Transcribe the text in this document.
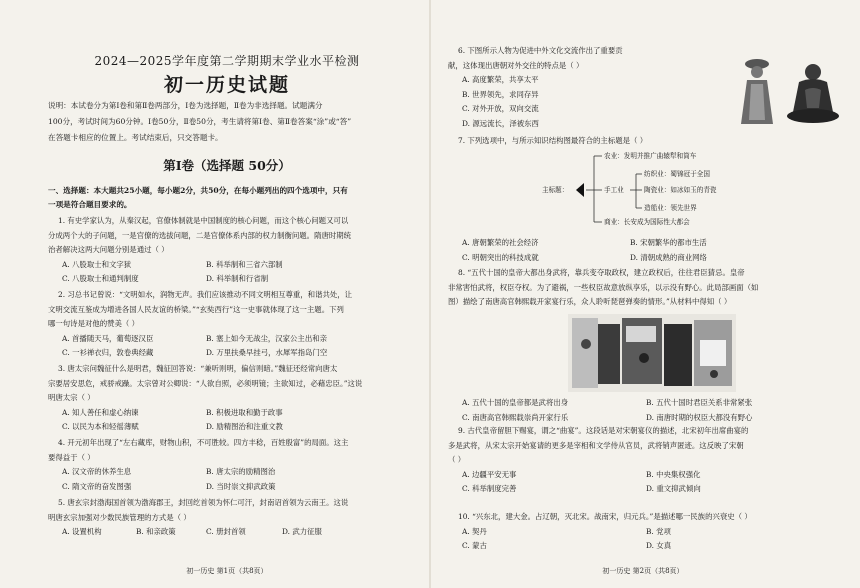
2024—2025学年度第二学期期末学业水平检测
初一历史试题
说明：本试卷分为第Ⅰ卷和第Ⅱ卷两部分，Ⅰ卷为选择题，Ⅱ卷为非选择题。试题满分
100分，考试时间为60分钟。Ⅰ卷50分，Ⅱ卷50分，考生请将第Ⅰ卷、第Ⅱ卷答案“涂”或“答”
在答题卡相应的位置上。考试结束后，只交答题卡。
第Ⅰ卷（选择题 50分）
一、选择题：本大题共25小题，每小题2分，共50分，在每小题列出的四个选项中，只有
一项是符合题目要求的。
1. 有史学家认为，从秦汉起，官僚体制就是中国制度的核心问题，而这个核心问题又可以
分成两个大的子问题，一是官僚的选拔问题，二是官僚体系内部的权力制衡问题。隋唐时期统
治者解决这两大问题分别是通过（ ）
A. 八股取士和文字狱	B. 科举制和三省六部制
C. 八股取士和通判制度	D. 科举制和行省制
2. 习总书记曾说：“文明如水，润物无声。我们应该推动不同文明相互尊重，和谐共处，让
文明交流互鉴成为增进各国人民友谊的桥梁。”“玄奘西行”这一史事就体现了这一主题。下列
哪一句诗是对他的赞美（ ）
A. 首播随天马，葡萄逐汉臣	B. 塞上如今无战尘，汉家公主出和亲
C. 一衫禅衣归，敦卷典经藏	D. 万里扶桑早挂弓，水犀军指岛门空
3. 唐太宗问魏征什么是明君，魏征回答说：“兼听则明，偏信则暗。”魏征还经常向唐太
宗要居安思危，戒骄戒躁。太宗曾对公卿说：“人欲自照，必须明镜；主欲知过，必藉忠臣。”这说
明唐太宗（ ）
A. 知人善任和虚心纳谏	B. 积极进取和勤于政事
C. 以民为本和轻徭薄赋	D. 励精图治和注重文教
4. 开元初年出现了“左右藏库，财物山积，不可胜较。四方丰稔，百姓殷富”的局面。这主
要得益于（ ）
A. 汉文帝的休养生息	B. 唐太宗的励精图治
C. 隋文帝的奋发图强	D. 当时崇文抑武政策
5. 唐玄宗封渤海国首领为渤海郡王，封回纥首领为怀仁可汗，封南诏首领为云南王。这说
明唐玄宗加强对少数民族管理的方式是（ ）
A. 设置机构	B. 和亲政策	C. 册封首领	D. 武力征服
初一历史 第1页（共8页）
6. 下图所示人物为促进中外文化交流作出了重要贡
献，这体现出唐朝对外交往的特点是（ ）
A. 高度繁荣，共享太平
B. 世界领先，求同存异
C. 对外开放，双向交流
D. 源远流长，泽被东西
7. 下列选项中，与所示知识结构图最符合的主标题是（ ）
主标题：
农业：发明并推广曲辕犁和筒车
手工业
纺织业：蜀锦冠于全国
陶瓷业：如冰如玉的青瓷
造船业：领先世界
商业：长安成为国际性大都会
A. 唐朝繁荣的社会经济	B. 宋朝繁华的都市生活
C. 明朝突出的科技成就	D. 清朝成熟的商业网络
8. “五代十国的皇帝大都出身武将，靠兵变夺取政权，建立政权后，往往君臣猜忌。皇帝
非常害怕武将，权臣夺权。为了避祸，一些权臣故意放纵享乐，以示没有野心。此局部画面（如
图）描绘了南唐高官韩熙载开家宴行乐，众人聆听琵琶弹奏的情形。”从材料中得知（ ）
A. 五代十国的皇帝都是武将出身	B. 五代十国时君臣关系非常紧张
C. 南唐高官韩熙载崇尚开家行乐	D. 南唐时期的权臣大都没有野心
9. 古代皇帝留胆下赐宴，谓之“曲宴”。这段话是对宋朝宴仪的描述，北宋初年出席曲宴的
多是武将，从宋太宗开始宴请的更多是宰相和文学侍从官员，武将销声匿迹。这反映了宋朝
（ ）
A. 边疆平安无事	B. 中央集权强化
C. 科举制度完善	D. 重文抑武倾向
10. “兴东北，建大金。占辽朝，灭北宋。战南宋，归元兵。”是描述哪一民族的兴衰史（ ）
A. 契丹	B. 党项
C. 蒙古	D. 女真
初一历史 第2页（共8页）
